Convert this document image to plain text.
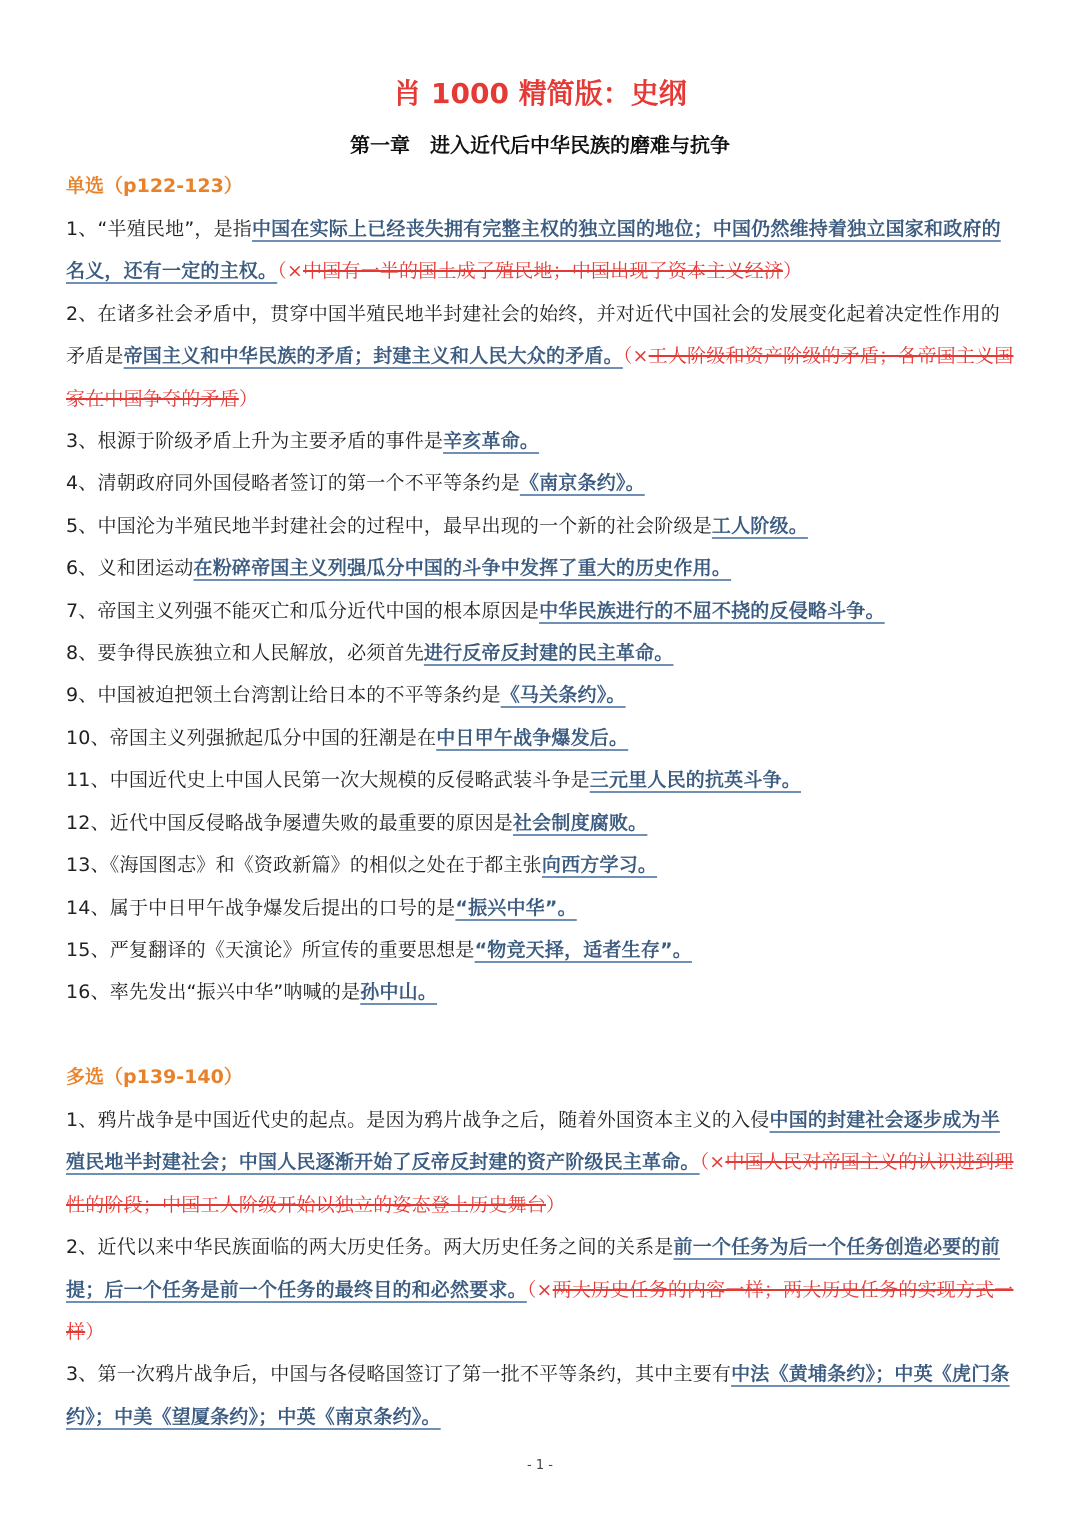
肖 1000 精简版：史纲
第一章　进入近代后中华民族的磨难与抗争
单选（p122-123）

1、“半殖民地”，是指中国在实际上已经丧失拥有完整主权的独立国的地位；中国仍然维持着独立国家和政府的名义，还有一定的主权。（×中国有一半的国土成了殖民地；中国出现了资本主义经济）

2、在诸多社会矛盾中，贯穿中国半殖民地半封建社会的始终，并对近代中国社会的发展变化起着决定性作用的矛盾是帝国主义和中华民族的矛盾；封建主义和人民大众的矛盾。（×工人阶级和资产阶级的矛盾；各帝国主义国家在中国争夺的矛盾）

3、根源于阶级矛盾上升为主要矛盾的事件是辛亥革命。

4、清朝政府同外国侵略者签订的第一个不平等条约是《南京条约》。

5、中国沦为半殖民地半封建社会的过程中，最早出现的一个新的社会阶级是工人阶级。

6、义和团运动在粉碎帝国主义列强瓜分中国的斗争中发挥了重大的历史作用。

7、帝国主义列强不能灭亡和瓜分近代中国的根本原因是中华民族进行的不屈不挠的反侵略斗争。

8、要争得民族独立和人民解放，必须首先进行反帝反封建的民主革命。

9、中国被迫把领土台湾割让给日本的不平等条约是《马关条约》。

10、帝国主义列强掀起瓜分中国的狂潮是在中日甲午战争爆发后。

11、中国近代史上中国人民第一次大规模的反侵略武装斗争是三元里人民的抗英斗争。

12、近代中国反侵略战争屡遭失败的最重要的原因是社会制度腐败。

13、《海国图志》和《资政新篇》的相似之处在于都主张向西方学习。

14、属于中日甲午战争爆发后提出的口号的是“振兴中华”。

15、严复翻译的《天演论》所宣传的重要思想是“物竞天择，适者生存”。

16、率先发出“振兴中华”呐喊的是孙中山。

多选（p139-140）

1、鸦片战争是中国近代史的起点。是因为鸦片战争之后，随着外国资本主义的入侵中国的封建社会逐步成为半殖民地半封建社会；中国人民逐渐开始了反帝反封建的资产阶级民主革命。（×中国人民对帝国主义的认识进到理性的阶段；中国工人阶级开始以独立的姿态登上历史舞台）

2、近代以来中华民族面临的两大历史任务。两大历史任务之间的关系是前一个任务为后一个任务创造必要的前提；后一个任务是前一个任务的最终目的和必然要求。（×两大历史任务的内容一样；两大历史任务的实现方式一样）

3、第一次鸦片战争后，中国与各侵略国签订了第一批不平等条约，其中主要有中法《黄埔条约》；中英《虎门条约》；中美《望厦条约》；中英《南京条约》。

- 1 -
